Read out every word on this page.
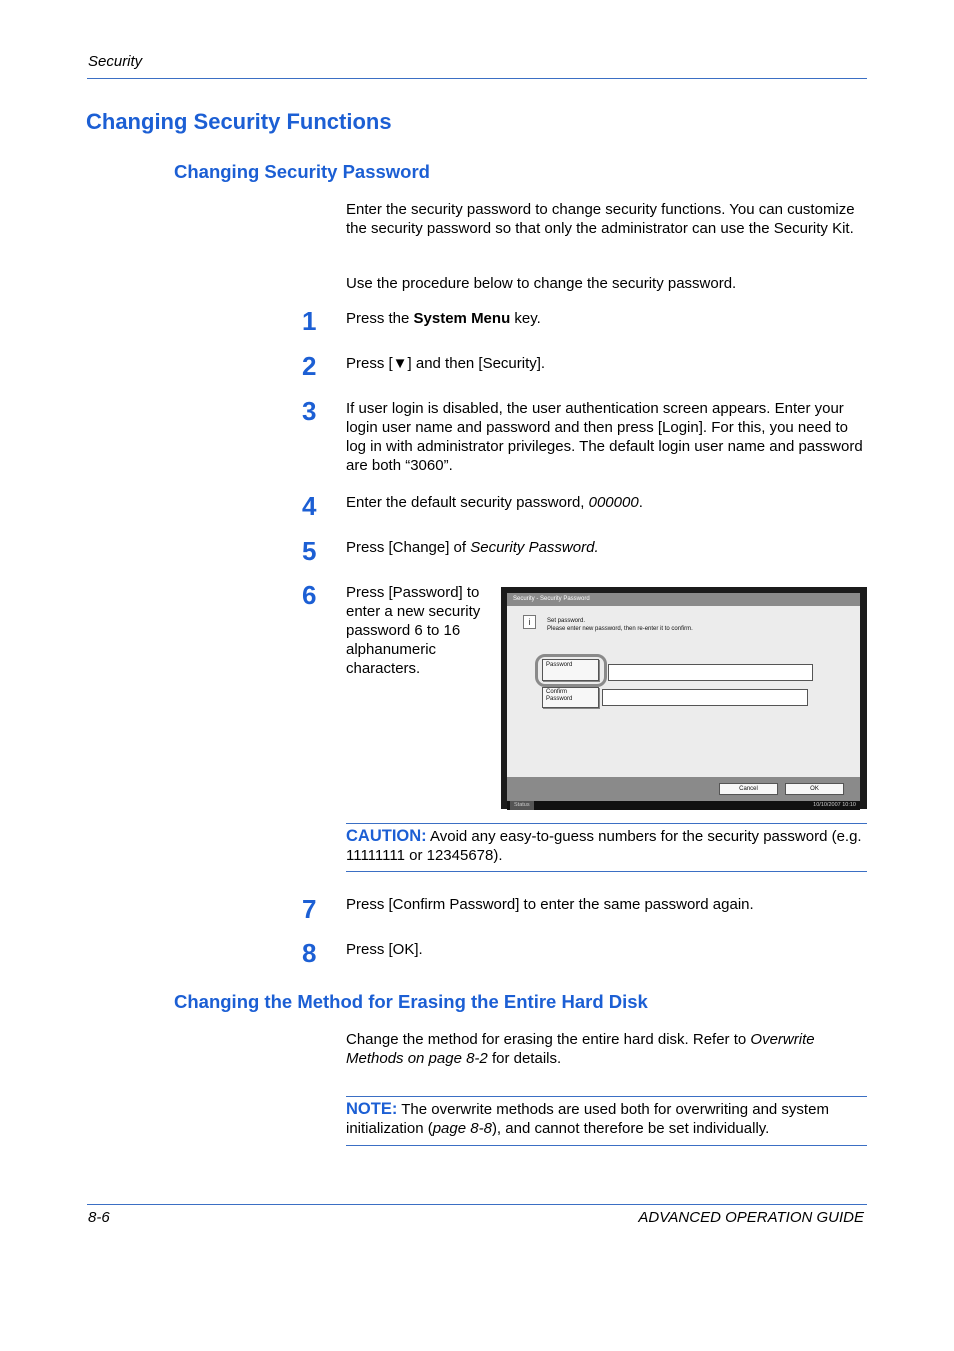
Security
Changing Security Functions
Changing Security Password
Enter the security password to change security functions. You can customize the security password so that only the administrator can use the Security Kit.
Use the procedure below to change the security password.
1 Press the System Menu key.
2 Press [▼] and then [Security].
3 If user login is disabled, the user authentication screen appears. Enter your login user name and password and then press [Login]. For this, you need to log in with administrator privileges. The default login user name and password are both “3060”.
4 Enter the default security password, 000000.
5 Press [Change] of Security Password.
6 Press [Password] to enter a new security password 6 to 16 alphanumeric characters.
Security - Security Password
i	Set password.
Please enter new password, then re-enter it to confirm.
Password
Confirm
Password
Cancel	OK
Status	10/10/2007 10:10
CAUTION: Avoid any easy-to-guess numbers for the security password (e.g. 11111111 or 12345678).
7 Press [Confirm Password] to enter the same password again.
8 Press [OK].
Changing the Method for Erasing the Entire Hard Disk
Change the method for erasing the entire hard disk. Refer to Overwrite Methods on page 8-2 for details.
NOTE: The overwrite methods are used both for overwriting and system initialization (page 8-8), and cannot therefore be set individually.
8-6	ADVANCED OPERATION GUIDE
